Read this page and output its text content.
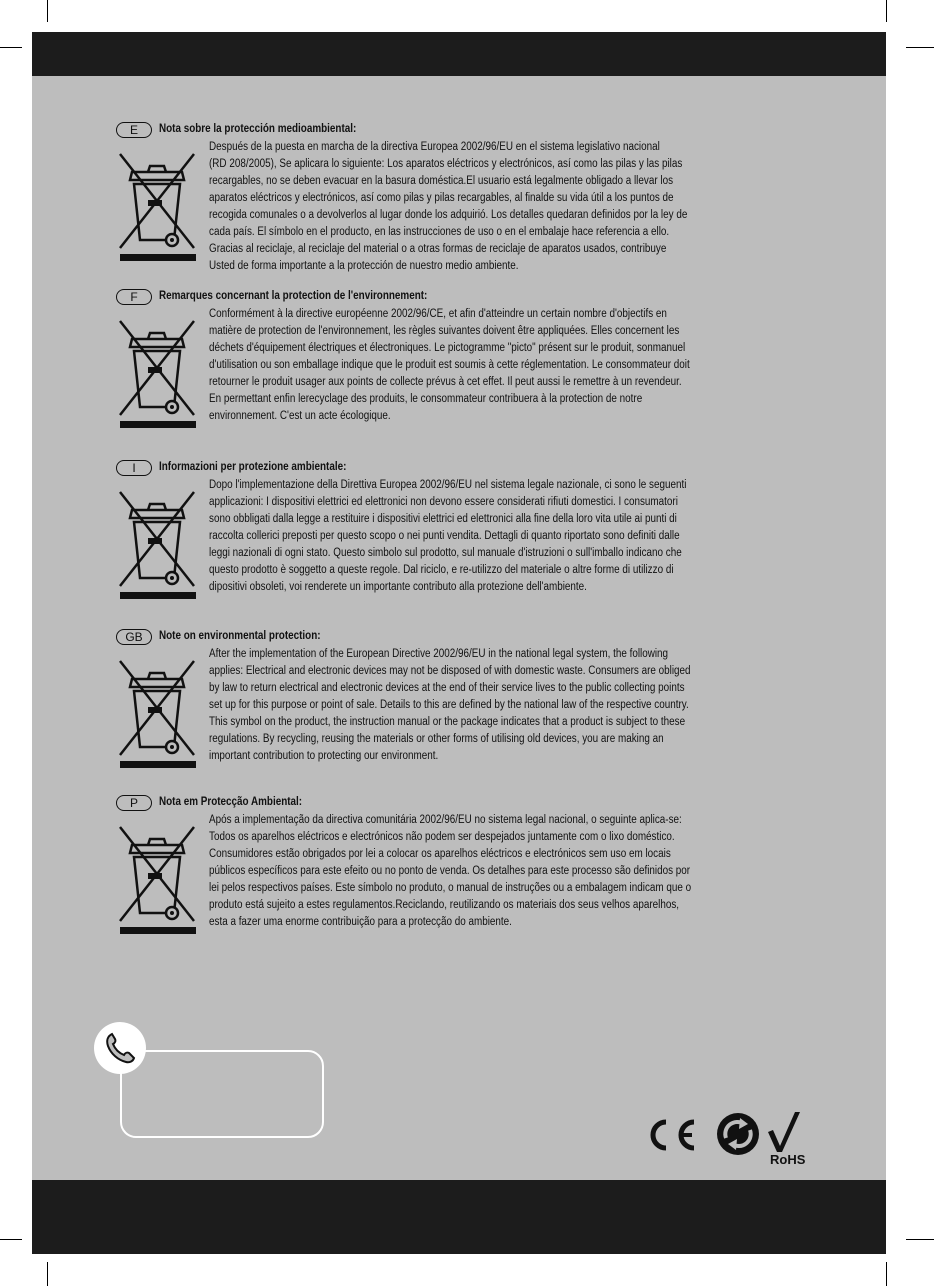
E	Nota sobre la protección medioambiental:

Después de la puesta en marcha de la directiva Europea 2002/96/EU en el sistema legislativo nacional

(RD 208/2005), Se aplicara lo siguiente: Los aparatos eléctricos y electrónicos, así como las pilas y las pilas

recargables, no se deben evacuar en la basura doméstica.El usuario está legalmente obligado a llevar los

aparatos eléctricos y electrónicos, así como pilas y pilas recargables, al finalde su vida útil a los puntos de

recogida comunales o a devolverlos al lugar donde los adquirió. Los detalles quedaran definidos por la ley de

cada país. El símbolo en el producto, en las instrucciones de uso o en el embalaje hace referencia a ello.

Gracias al reciclaje, al reciclaje del material o a otras formas de reciclaje de aparatos usados, contribuye

Usted de forma importante a la protección de nuestro medio ambiente.

F	Remarques concernant la protection de l'environnement:

Conformément à la directive européenne 2002/96/CE, et afin d'atteindre un certain nombre d'objectifs en

matière de protection de l'environnement, les règles suivantes doivent être appliquées. Elles concernent les

déchets d'équipement électriques et électroniques. Le pictogramme "picto" présent sur le produit, sonmanuel

d'utilisation ou son emballage indique que le produit est soumis à cette réglementation. Le consommateur doit

retourner le produit usager aux points de collecte prévus à cet effet. Il peut aussi le remettre à un revendeur.

En permettant enfin lerecyclage des produits, le consommateur contribuera à la protection de notre

environnement. C'est un acte écologique.

I	Informazioni per protezione ambientale:

Dopo l'implementazione della Direttiva Europea 2002/96/EU nel sistema legale nazionale, ci sono le seguenti

applicazioni: I dispositivi elettrici ed elettronici non devono essere considerati rifiuti domestici. I consumatori

sono obbligati dalla legge a restituire i dispositivi elettrici ed elettronici alla fine della loro vita utile ai punti di

raccolta collerici preposti per questo scopo o nei punti vendita. Dettagli di quanto riportato sono definiti dalle

leggi nazionali di ogni stato. Questo simbolo sul prodotto, sul manuale d'istruzioni o sull'imballo indicano che

questo prodotto è soggetto a queste regole. Dal riciclo, e re-utilizzo del materiale o altre forme di utilizzo di

dipositivi obsoleti, voi renderete un importante contributo alla protezione dell'ambiente.

GB	Note on environmental protection:

After the implementation of the European Directive 2002/96/EU in the national legal system, the following

applies: Electrical and electronic devices may not be disposed of with domestic waste. Consumers are obliged

by law to return electrical and electronic devices at the end of their service lives to the public collecting points

set up for this purpose or point of sale. Details to this are defined by the national law of the respective country.

This symbol on the product, the instruction manual or the package indicates that a product is subject to these

regulations. By recycling, reusing the materials or other forms of utilising old devices, you are making an

important contribution to protecting our environment.

P	Nota em Protecção Ambiental:

Após a implementação da directiva comunitária 2002/96/EU no sistema legal nacional, o seguinte aplica-se:

Todos os aparelhos eléctricos e electrónicos não podem ser despejados juntamente com o lixo doméstico.

Consumidores estão obrigados por lei a colocar os aparelhos eléctricos e electrónicos sem uso em locais

públicos específicos para este efeito ou no ponto de venda. Os detalhes para este processo são definidos por

lei pelos respectivos países. Este símbolo no produto, o manual de instruções ou a embalagem indicam que o

produto está sujeito a estes regulamentos.Reciclando, reutilizando os materiais dos seus velhos aparelhos,

esta a fazer uma enorme contribuição para a protecção do ambiente.

RoHS
